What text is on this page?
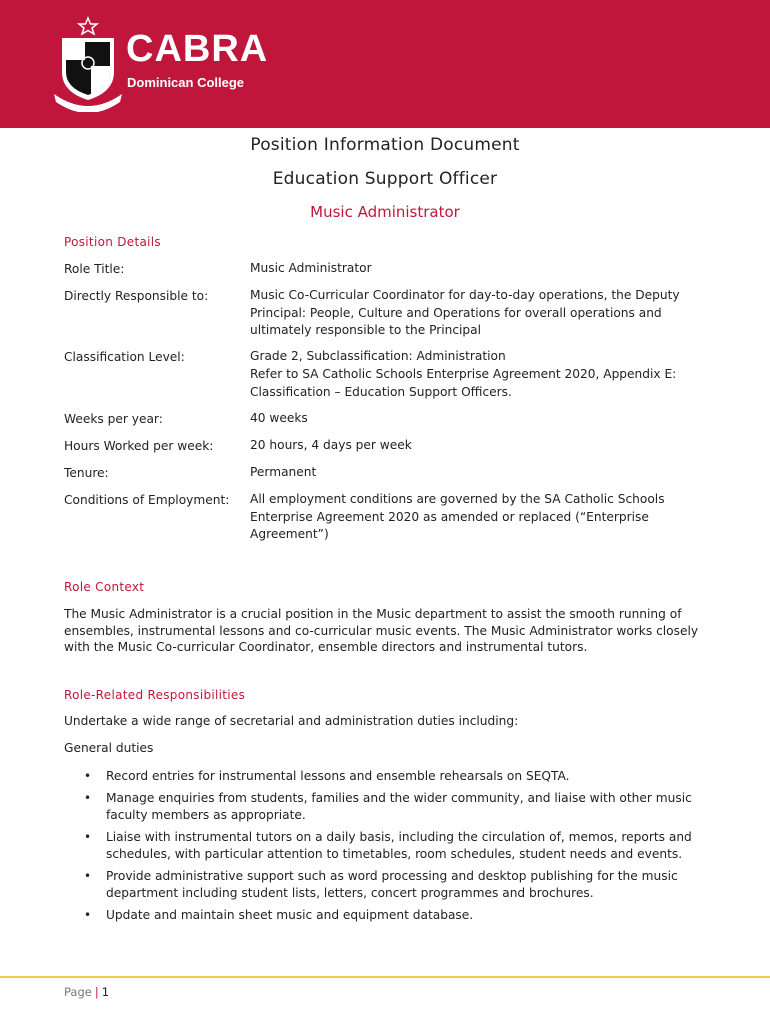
CABRA
Dominican College
Position Information Document
Education Support Officer
Music Administrator
Position Details
Role Title:	Music Administrator
Directly Responsible to:	Music Co-Curricular Coordinator for day-to-day operations, the Deputy Principal: People, Culture and Operations for overall operations and ultimately responsible to the Principal
Classification Level:	Grade 2, Subclassification: Administration
Refer to SA Catholic Schools Enterprise Agreement 2020, Appendix E: Classification – Education Support Officers.
Weeks per year:	40 weeks
Hours Worked per week:	20 hours, 4 days per week
Tenure:	Permanent
Conditions of Employment: All employment conditions are governed by the SA Catholic Schools Enterprise Agreement 2020 as amended or replaced (“Enterprise Agreement”)
Role Context
The Music Administrator is a crucial position in the Music department to assist the smooth running of ensembles, instrumental lessons and co-curricular music events. The Music Administrator works closely with the Music Co-curricular Coordinator, ensemble directors and instrumental tutors.
Role-Related Responsibilities
Undertake a wide range of secretarial and administration duties including:
General duties
• Record entries for instrumental lessons and ensemble rehearsals on SEQTA.
• Manage enquiries from students, families and the wider community, and liaise with other music faculty members as appropriate.
• Liaise with instrumental tutors on a daily basis, including the circulation of, memos, reports and schedules, with particular attention to timetables, room schedules, student needs and events.
• Provide administrative support such as word processing and desktop publishing for the music department including student lists, letters, concert programmes and brochures.
• Update and maintain sheet music and equipment database.
Page | 1
